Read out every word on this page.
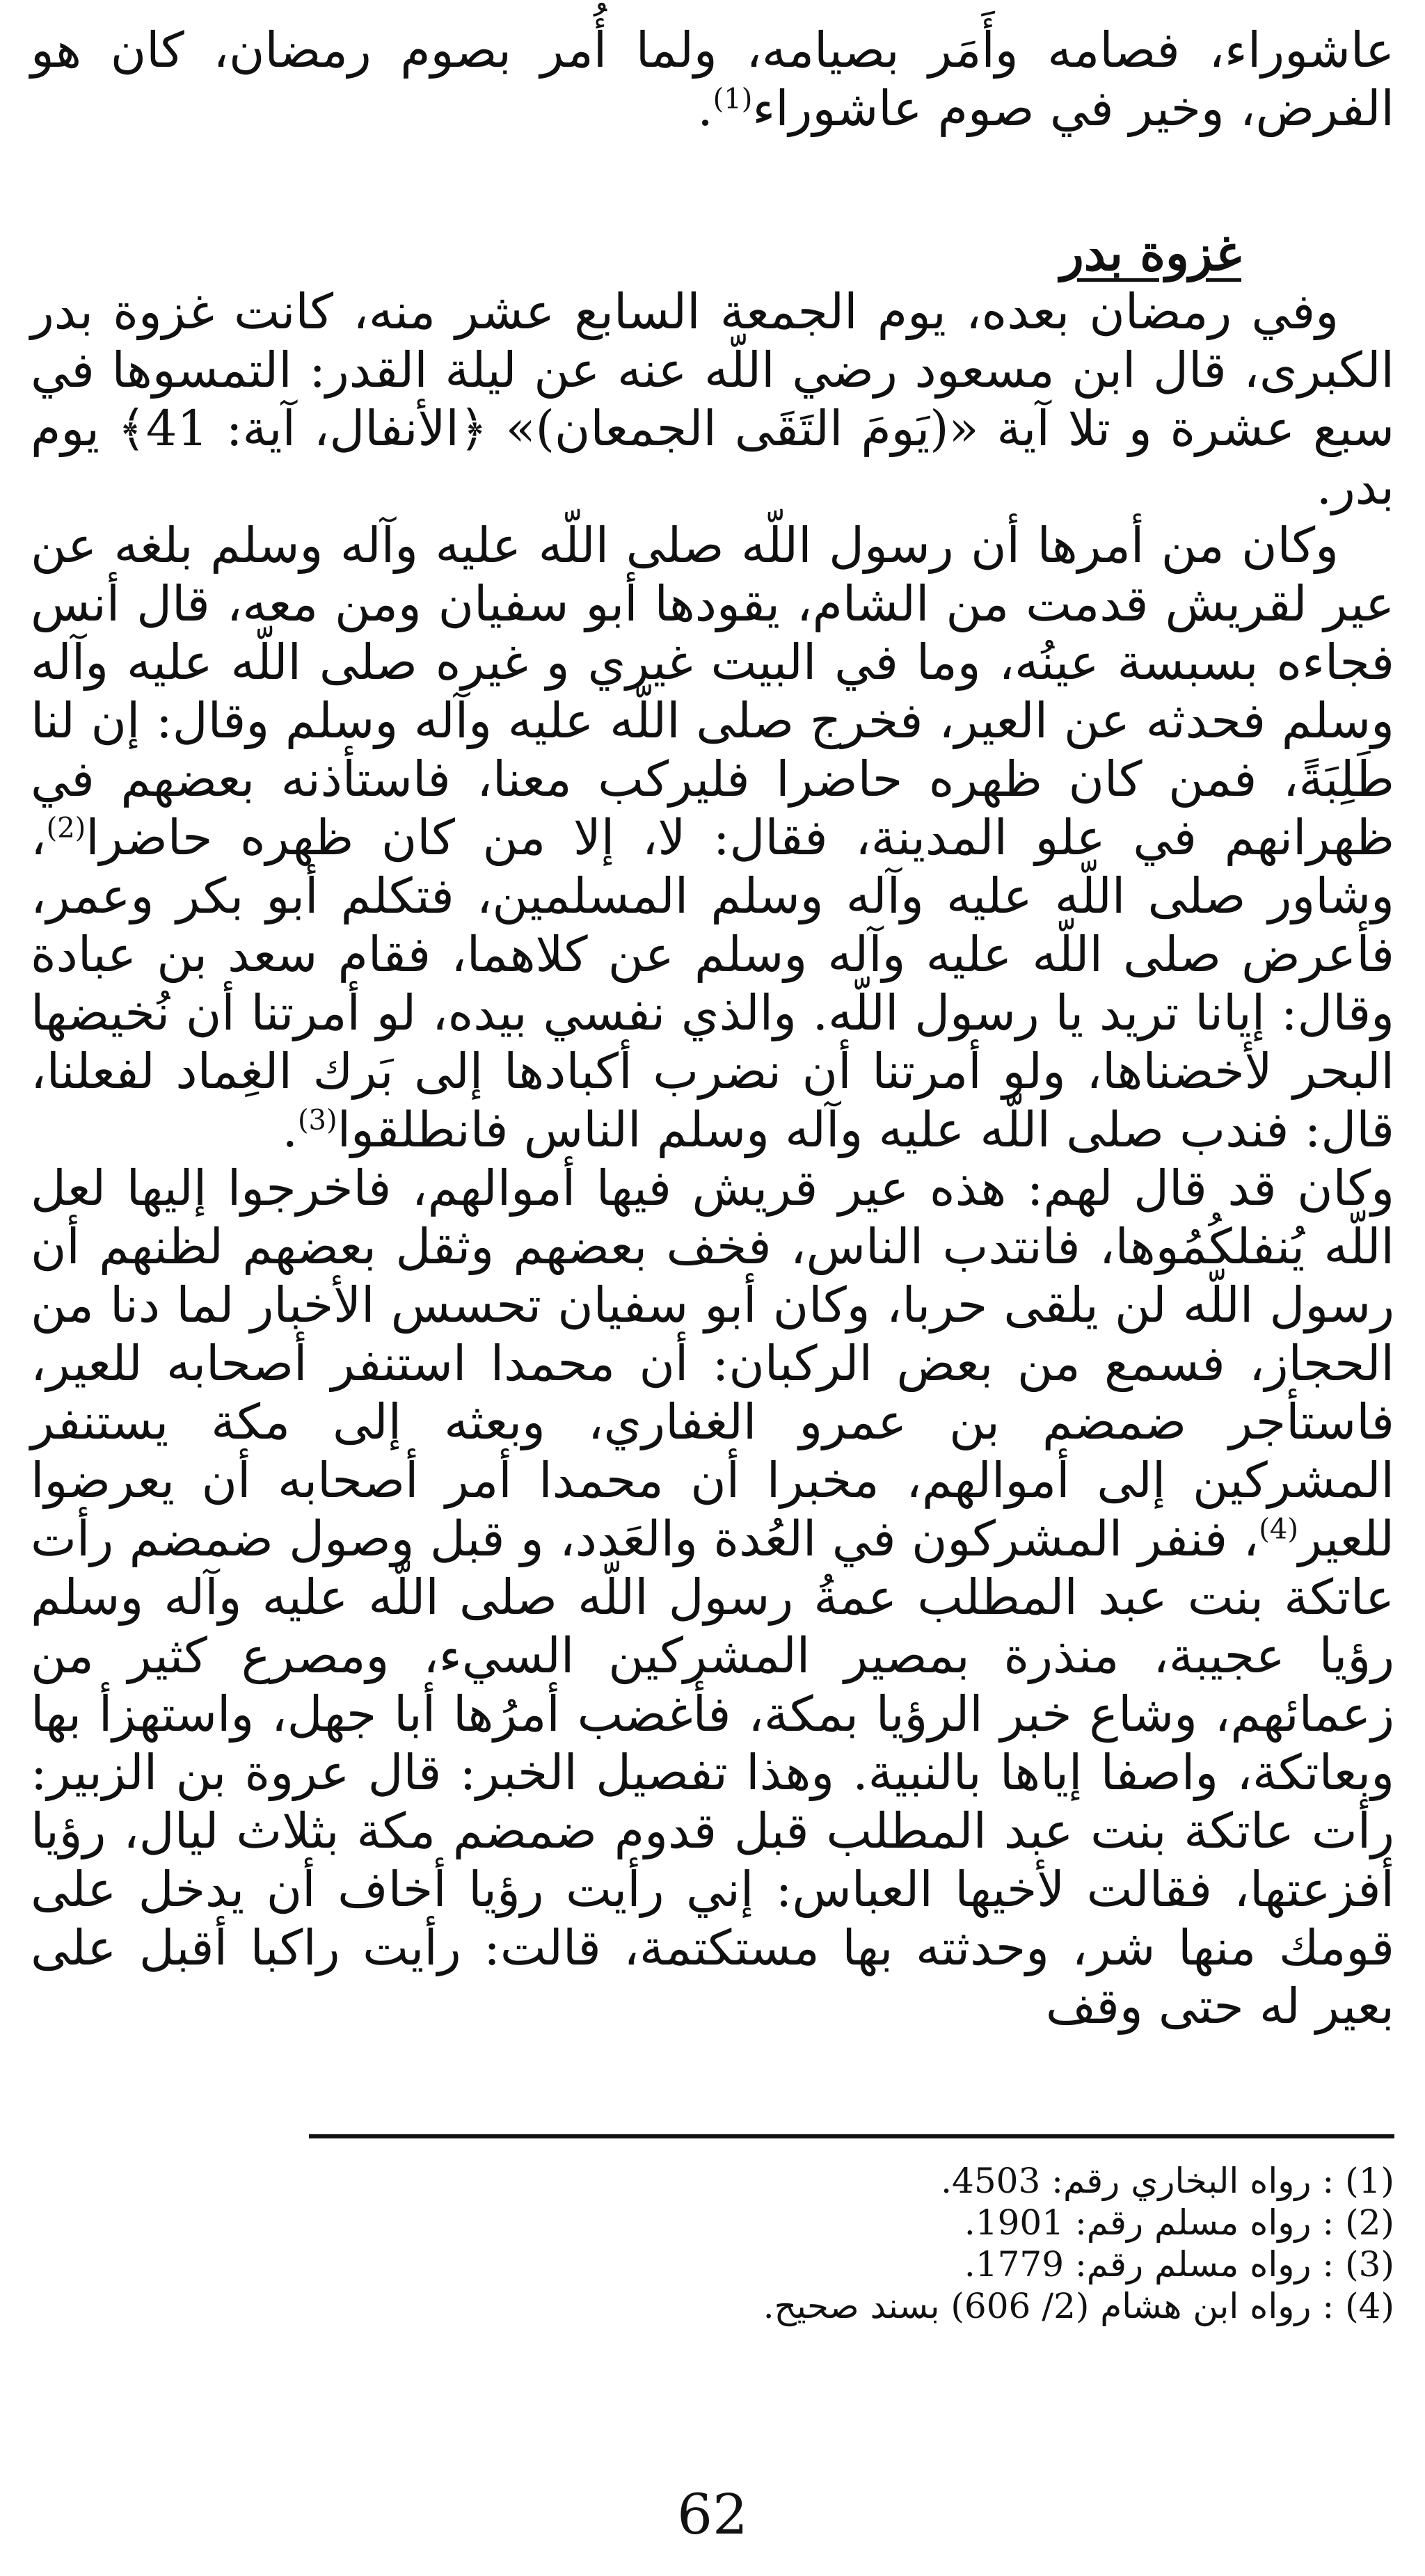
عاشوراء، فصامه وأَمَر بصيامه، ولما أُمر بصوم رمضان، كان هو الفرض، وخير في صوم عاشوراء$^{(1)}$.

غزوة بدر

وفي رمضان بعده، يوم الجمعة السابع عشر منه، كانت غزوة بدر الكبرى، قال ابن مسعود رضي اللّه عنه عن ليلة القدر: التمسوها في سبع عشرة و تلا آية «(يَومَ التَقَى الجمعان)» ﴿الأنفال، آية: 41﴾ يوم بدر.

وكان من أمرها أن رسول اللّه صلى اللّه عليه وآله وسلم بلغه عن عير لقريش قدمت من الشام، يقودها أبو سفيان ومن معه، قال أنس فجاءه بسبسة عينُه، وما في البيت غيري و غيره صلى اللّه عليه وآله وسلم فحدثه عن العير، فخرج صلى اللّه عليه وآله وسلم وقال: إن لنا طَلِبَةً، فمن كان ظهره حاضرا فليركب معنا، فاستأذنه بعضهم في ظهرانهم في علو المدينة، فقال: لا، إلا من كان ظهره حاضرا$^{(2)}$، وشاور صلى اللّه عليه وآله وسلم المسلمين، فتكلم أبو بكر وعمر، فأعرض صلى اللّه عليه وآله وسلم عن كلاهما، فقام سعد بن عبادة وقال: إيانا تريد يا رسول اللّه. والذي نفسي بيده، لو أمرتنا أن نُخيضها البحر لأخضناها، ولو أمرتنا أن نضرب أكبادها إلى بَرك الغِماد لفعلنا، قال: فندب صلى اللّه عليه وآله وسلم الناس فانطلقوا$^{(3)}$.

وكان قد قال لهم: هذه عير قريش فيها أموالهم، فاخرجوا إليها لعل اللّه يُنفلكُمُوها، فانتدب الناس، فخف بعضهم وثقل بعضهم لظنهم أن رسول اللّه لن يلقى حربا، وكان أبو سفيان تحسس الأخبار لما دنا من الحجاز، فسمع من بعض الركبان: أن محمدا استنفر أصحابه للعير، فاستأجر ضمضم بن عمرو الغفاري، وبعثه إلى مكة يستنفر المشركين إلى أموالهم، مخبرا أن محمدا أمر أصحابه أن يعرضوا للعير$^{(4)}$، فنفر المشركون في العُدة والعَدد، و قبل وصول ضمضم رأت عاتكة بنت عبد المطلب عمةُ رسول اللّه صلى اللّه عليه وآله وسلم رؤيا عجيبة، منذرة بمصير المشركين السيء، ومصرع كثير من زعمائهم، وشاع خبر الرؤيا بمكة، فأغضب أمرُها أبا جهل، واستهزأ بها وبعاتكة، واصفا إياها بالنبية. وهذا تفصيل الخبر: قال عروة بن الزبير: رأت عاتكة بنت عبد المطلب قبل قدوم ضمضم مكة بثلاث ليال، رؤيا أفزعتها، فقالت لأخيها العباس: إني رأيت رؤيا أخاف أن يدخل على قومك منها شر، وحدثته بها مستكتمة، قالت: رأيت راكبا أقبل على بعير له حتى وقف

(1) : رواه البخاري رقم: 4503.
(2) : رواه مسلم رقم: 1901.
(3) : رواه مسلم رقم: 1779.
(4) : رواه ابن هشام (2/ 606) بسند صحيح.
62
